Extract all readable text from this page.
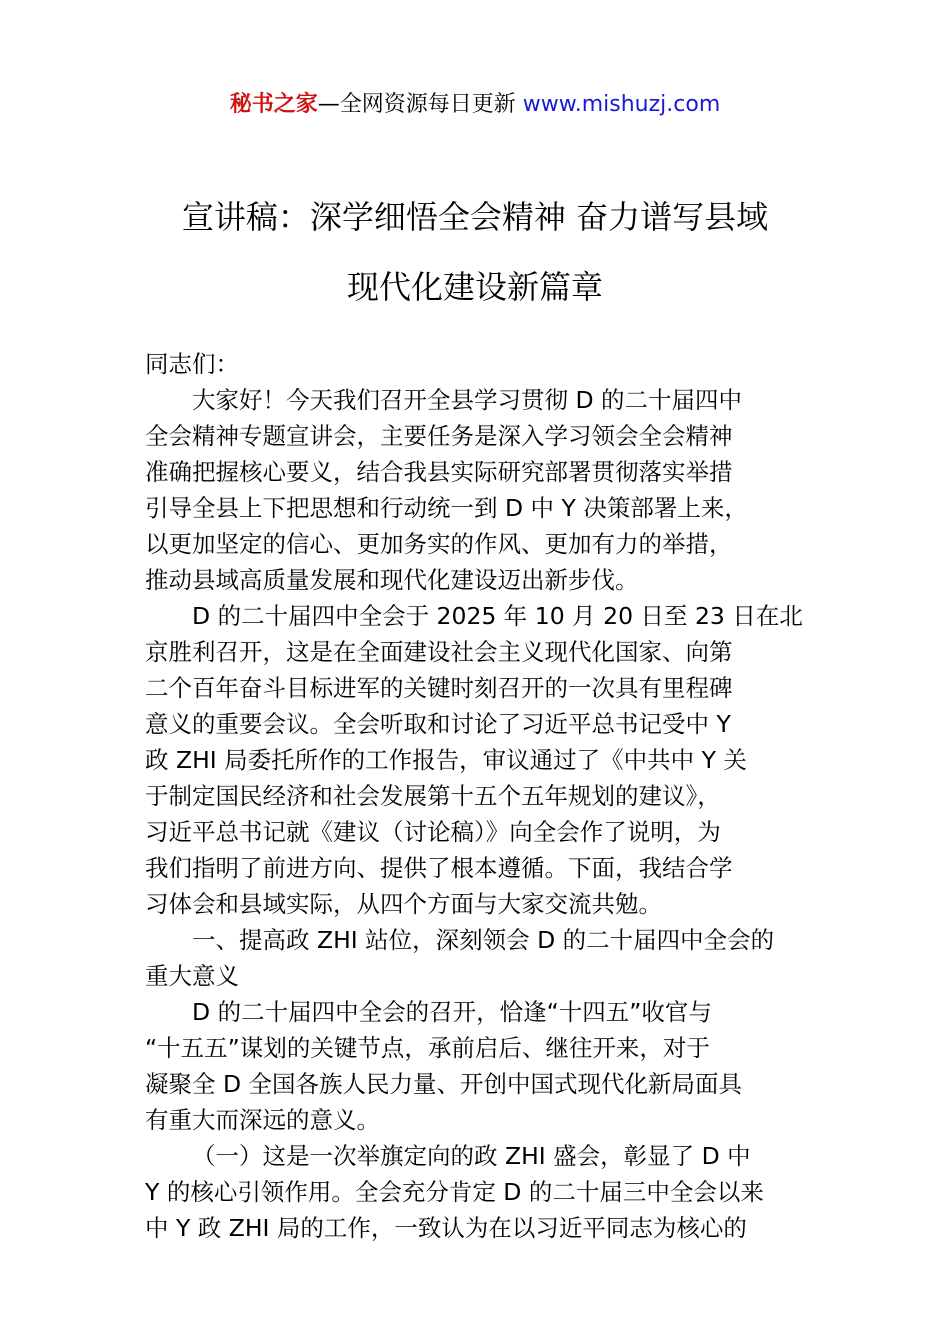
秘书之家—全网资源每日更新 www.mishuzj.com
宣讲稿：深学细悟全会精神 奋力谱写县域
现代化建设新篇章
同志们：
大家好！今天我们召开全县学习贯彻 D 的二十届四中
全会精神专题宣讲会，主要任务是深入学习领会全会精神
准确把握核心要义，结合我县实际研究部署贯彻落实举措
引导全县上下把思想和行动统一到 D 中 Y 决策部署上来，
以更加坚定的信心、更加务实的作风、更加有力的举措，
推动县域高质量发展和现代化建设迈出新步伐。
D 的二十届四中全会于 2025 年 10 月 20 日至 23 日在北
京胜利召开，这是在全面建设社会主义现代化国家、向第
二个百年奋斗目标进军的关键时刻召开的一次具有里程碑
意义的重要会议。全会听取和讨论了习近平总书记受中 Y
政 ZHI 局委托所作的工作报告，审议通过了《中共中 Y 关
于制定国民经济和社会发展第十五个五年规划的建议》，
习近平总书记就《建议（讨论稿）》向全会作了说明，为
我们指明了前进方向、提供了根本遵循。下面，我结合学
习体会和县域实际，从四个方面与大家交流共勉。
一、提高政 ZHI 站位，深刻领会 D 的二十届四中全会的
重大意义
D 的二十届四中全会的召开，恰逢“十四五”收官与
“十五五”谋划的关键节点，承前启后、继往开来，对于
凝聚全 D 全国各族人民力量、开创中国式现代化新局面具
有重大而深远的意义。
（一）这是一次举旗定向的政 ZHI 盛会，彰显了 D 中
Y 的核心引领作用。全会充分肯定 D 的二十届三中全会以来
中 Y 政 ZHI 局的工作，一致认为在以习近平同志为核心的
